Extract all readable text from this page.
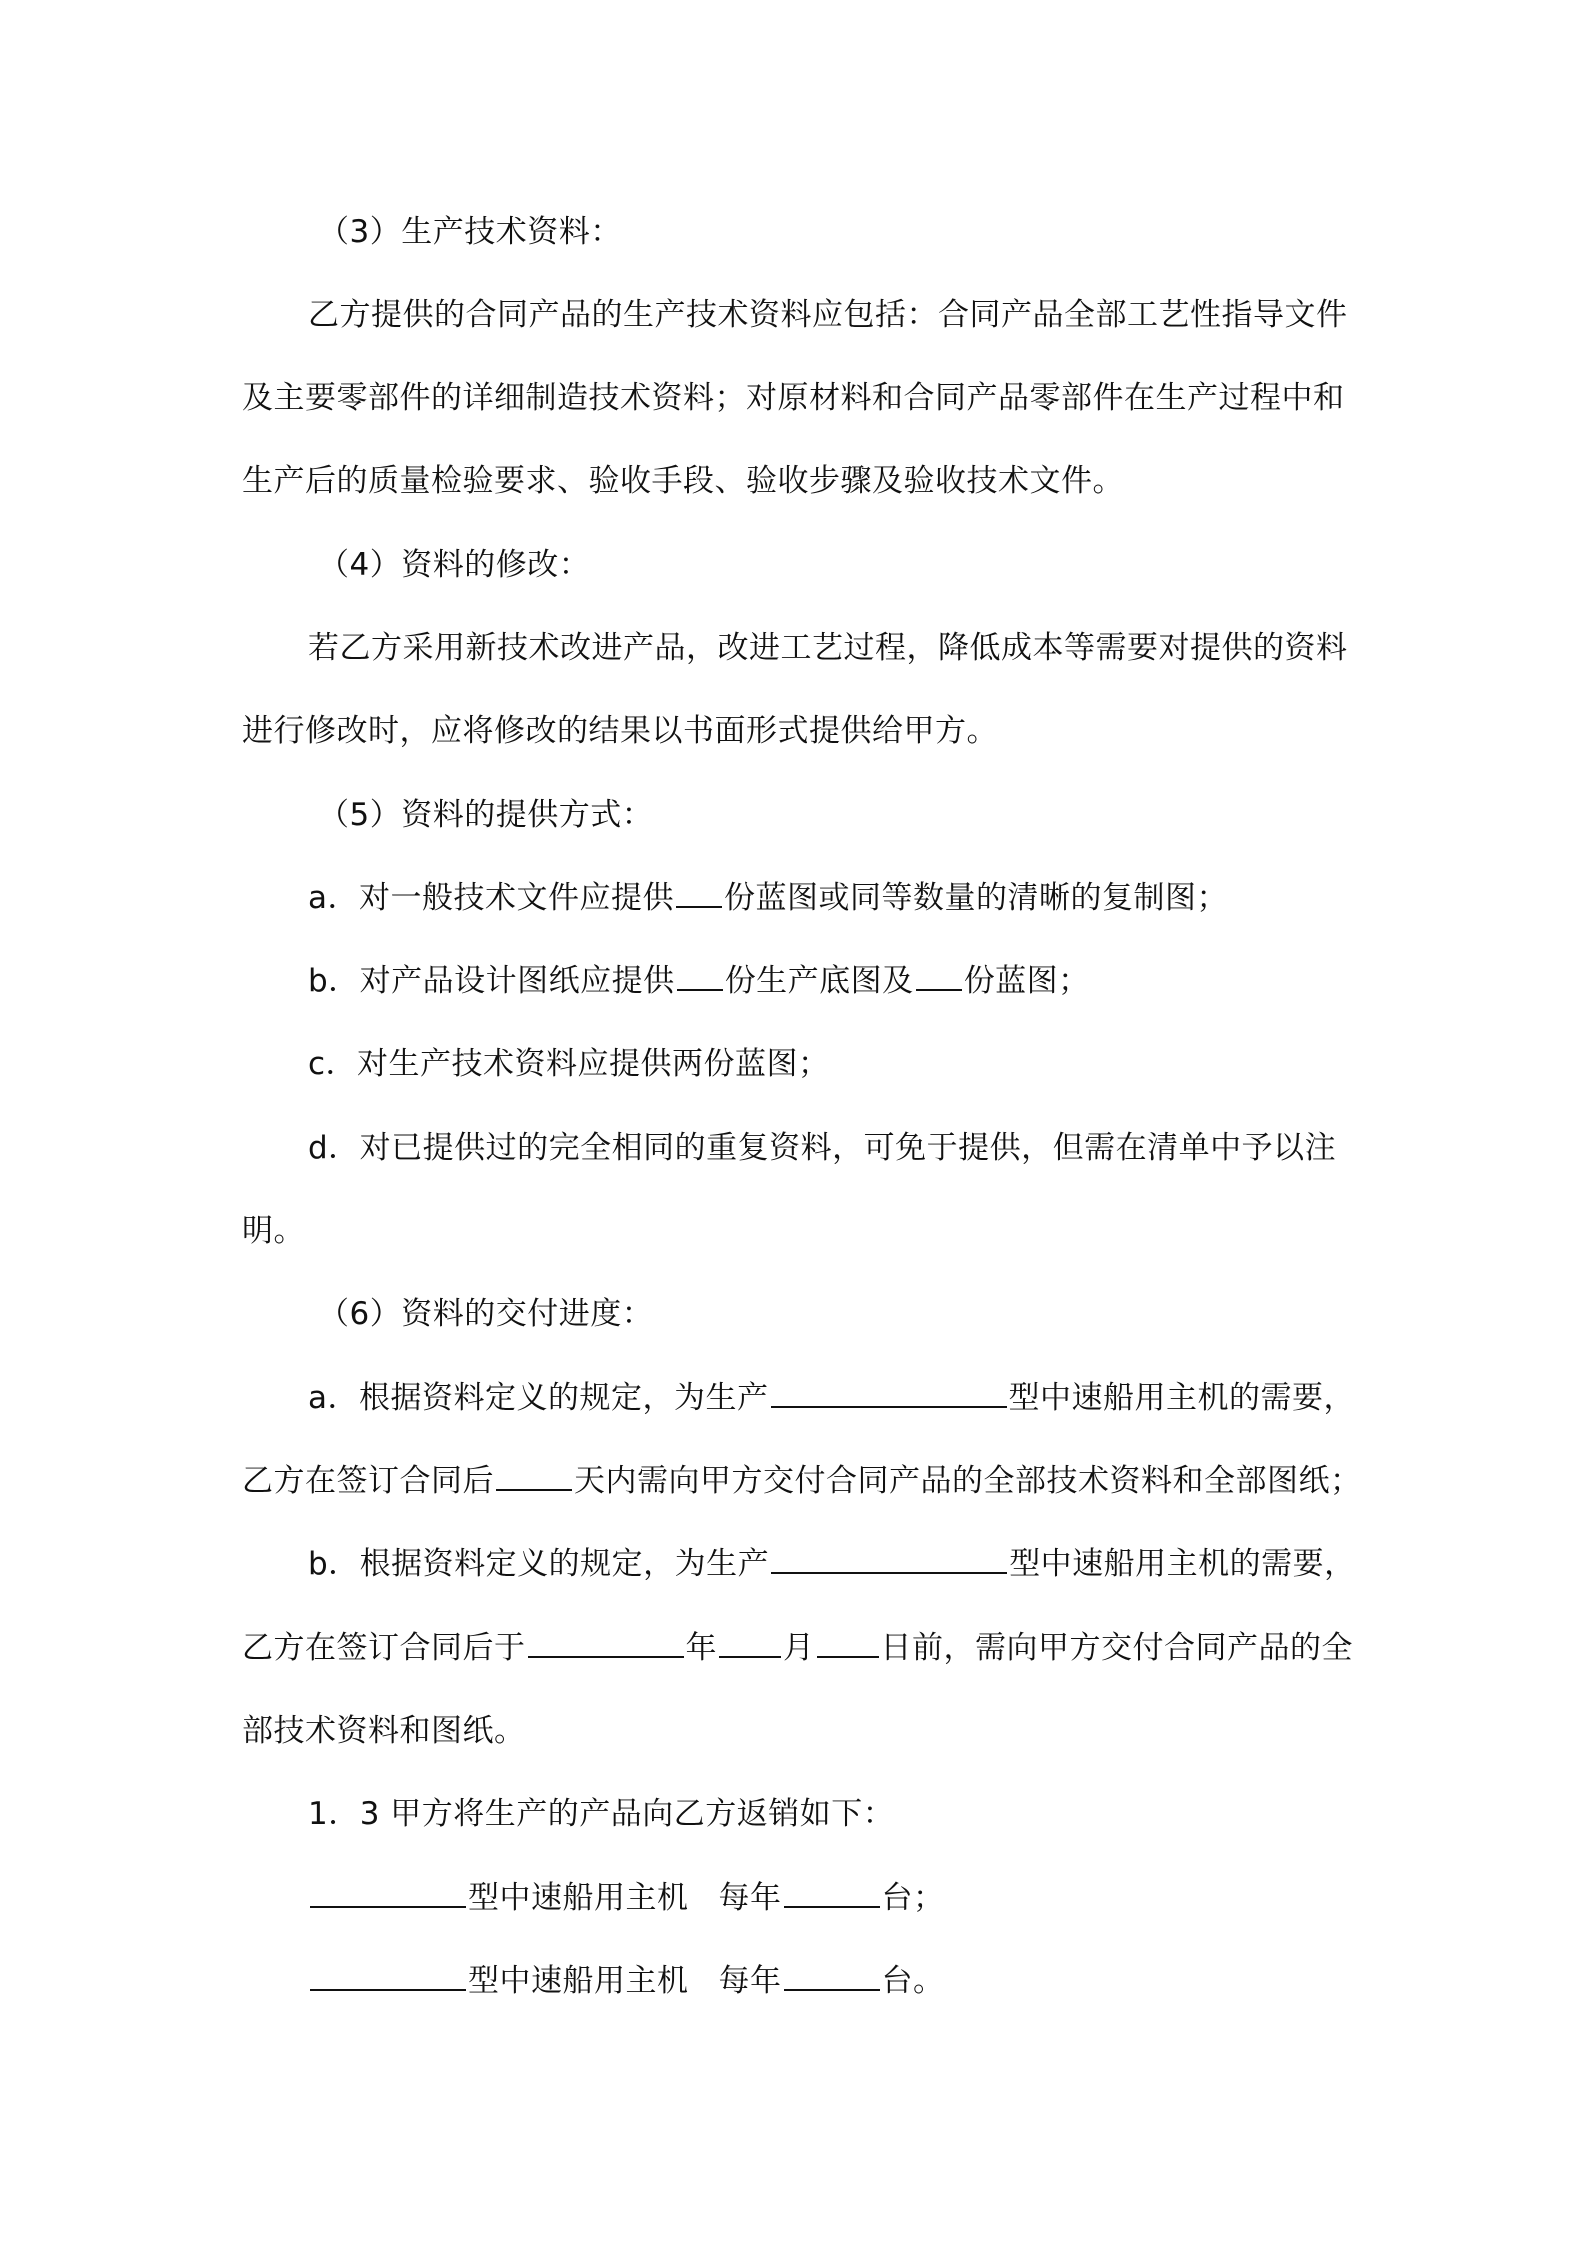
（3）生产技术资料：
乙方提供的合同产品的生产技术资料应包括：合同产品全部工艺性指导文件
及主要零部件的详细制造技术资料；对原材料和合同产品零部件在生产过程中和
生产后的质量检验要求、验收手段、验收步骤及验收技术文件。
（4）资料的修改：
若乙方采用新技术改进产品，改进工艺过程，降低成本等需要对提供的资料
进行修改时，应将修改的结果以书面形式提供给甲方。
（5）资料的提供方式：
a．对一般技术文件应提供 份蓝图或同等数量的清晰的复制图；
b．对产品设计图纸应提供 份生产底图及 份蓝图；
c．对生产技术资料应提供两份蓝图；
d．对已提供过的完全相同的重复资料，可免于提供，但需在清单中予以注
明。
（6）资料的交付进度：
a．根据资料定义的规定，为生产	型中速船用主机的需要，
乙方在签订合同后	天内需向甲方交付合同产品的全部技术资料和全部图纸；
b．根据资料定义的规定，为生产	型中速船用主机的需要，
乙方在签订合同后于	年 月 日前，需向甲方交付合同产品的全
部技术资料和图纸。
1．3 甲方将生产的产品向乙方返销如下：
型中速船用主机 每年	台；
型中速船用主机 每年	台。
